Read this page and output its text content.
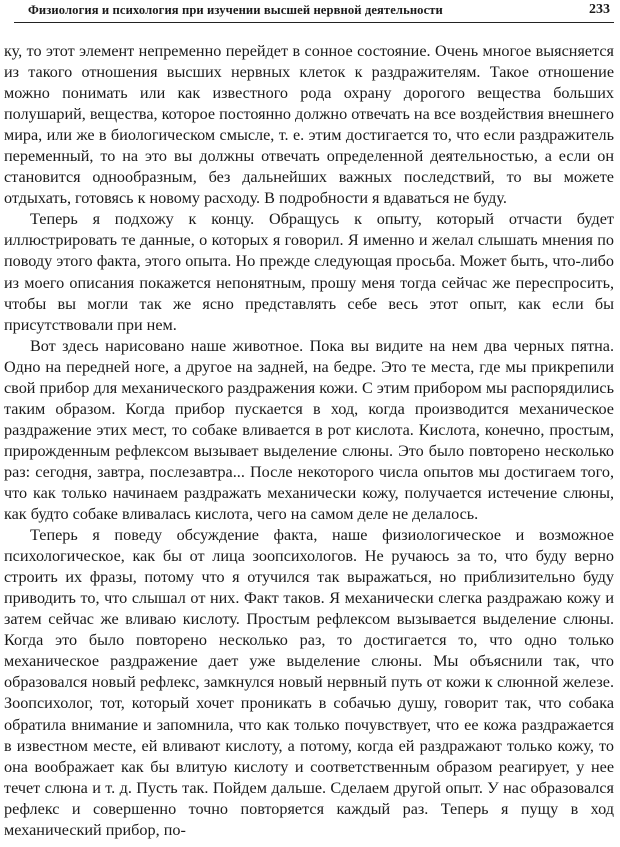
Физиология и психология при изучении высшей нервной деятельности	233

ку, то этот элемент непременно перейдет в сонное состояние. Очень многое выясняется из такого отношения высших нервных клеток к раздражителям. Такое отношение можно понимать или как известного рода охрану дорогого вещества больших полушарий, вещества, которое постоянно должно отвечать на все воздействия внешнего мира, или же в биологическом смысле, т. е. этим достигается то, что если раздражитель переменный, то на это вы должны отвечать определенной деятельностью, а если он становится однообразным, без дальнейших важных последствий, то вы можете отдыхать, готовясь к новому расходу. В подробности я вдаваться не буду.

Теперь я подхожу к концу. Обращусь к опыту, который отчасти будет иллюстрировать те данные, о которых я говорил. Я именно и желал слышать мнения по поводу этого факта, этого опыта. Но прежде следующая просьба. Может быть, что-либо из моего описания покажется непонятным, прошу меня тогда сейчас же переспросить, чтобы вы могли так же ясно представлять себе весь этот опыт, как если бы присутствовали при нем.

Вот здесь нарисовано наше животное. Пока вы видите на нем два черных пятна. Одно на передней ноге, а другое на задней, на бедре. Это те места, где мы прикрепили свой прибор для механического раздражения кожи. С этим прибором мы распорядились таким образом. Когда прибор пускается в ход, когда производится механическое раздражение этих мест, то собаке вливается в рот кислота. Кислота, конечно, простым, прирожденным рефлексом вызывает выделение слюны. Это было повторено несколько раз: сегодня, завтра, послезавтра... После некоторого числа опытов мы достигаем того, что как только начинаем раздражать механически кожу, получается истечение слюны, как будто собаке вливалась кислота, чего на самом деле не делалось.

Теперь я поведу обсуждение факта, наше физиологическое и возможное психологическое, как бы от лица зоопсихологов. Не ручаюсь за то, что буду верно строить их фразы, потому что я отучился так выражаться, но приблизительно буду приводить то, что слышал от них. Факт таков. Я механически слегка раздражаю кожу и затем сейчас же вливаю кислоту. Простым рефлексом вызывается выделение слюны. Когда это было повторено несколько раз, то достигается то, что одно только механическое раздражение дает уже выделение слюны. Мы объяснили так, что образовался новый рефлекс, замкнулся новый нервный путь от кожи к слюнной железе. Зоопсихолог, тот, который хочет проникать в собачью душу, говорит так, что собака обратила внимание и запомнила, что как только почувствует, что ее кожа раздражается в известном месте, ей вливают кислоту, а потому, когда ей раздражают только кожу, то она воображает как бы влитую кислоту и соответственным образом реагирует, у нее течет слюна и т. д. Пусть так. Пойдем дальше. Сделаем другой опыт. У нас образовался рефлекс и совершенно точно повторяется каждый раз. Теперь я пущу в ход механический прибор, по-
